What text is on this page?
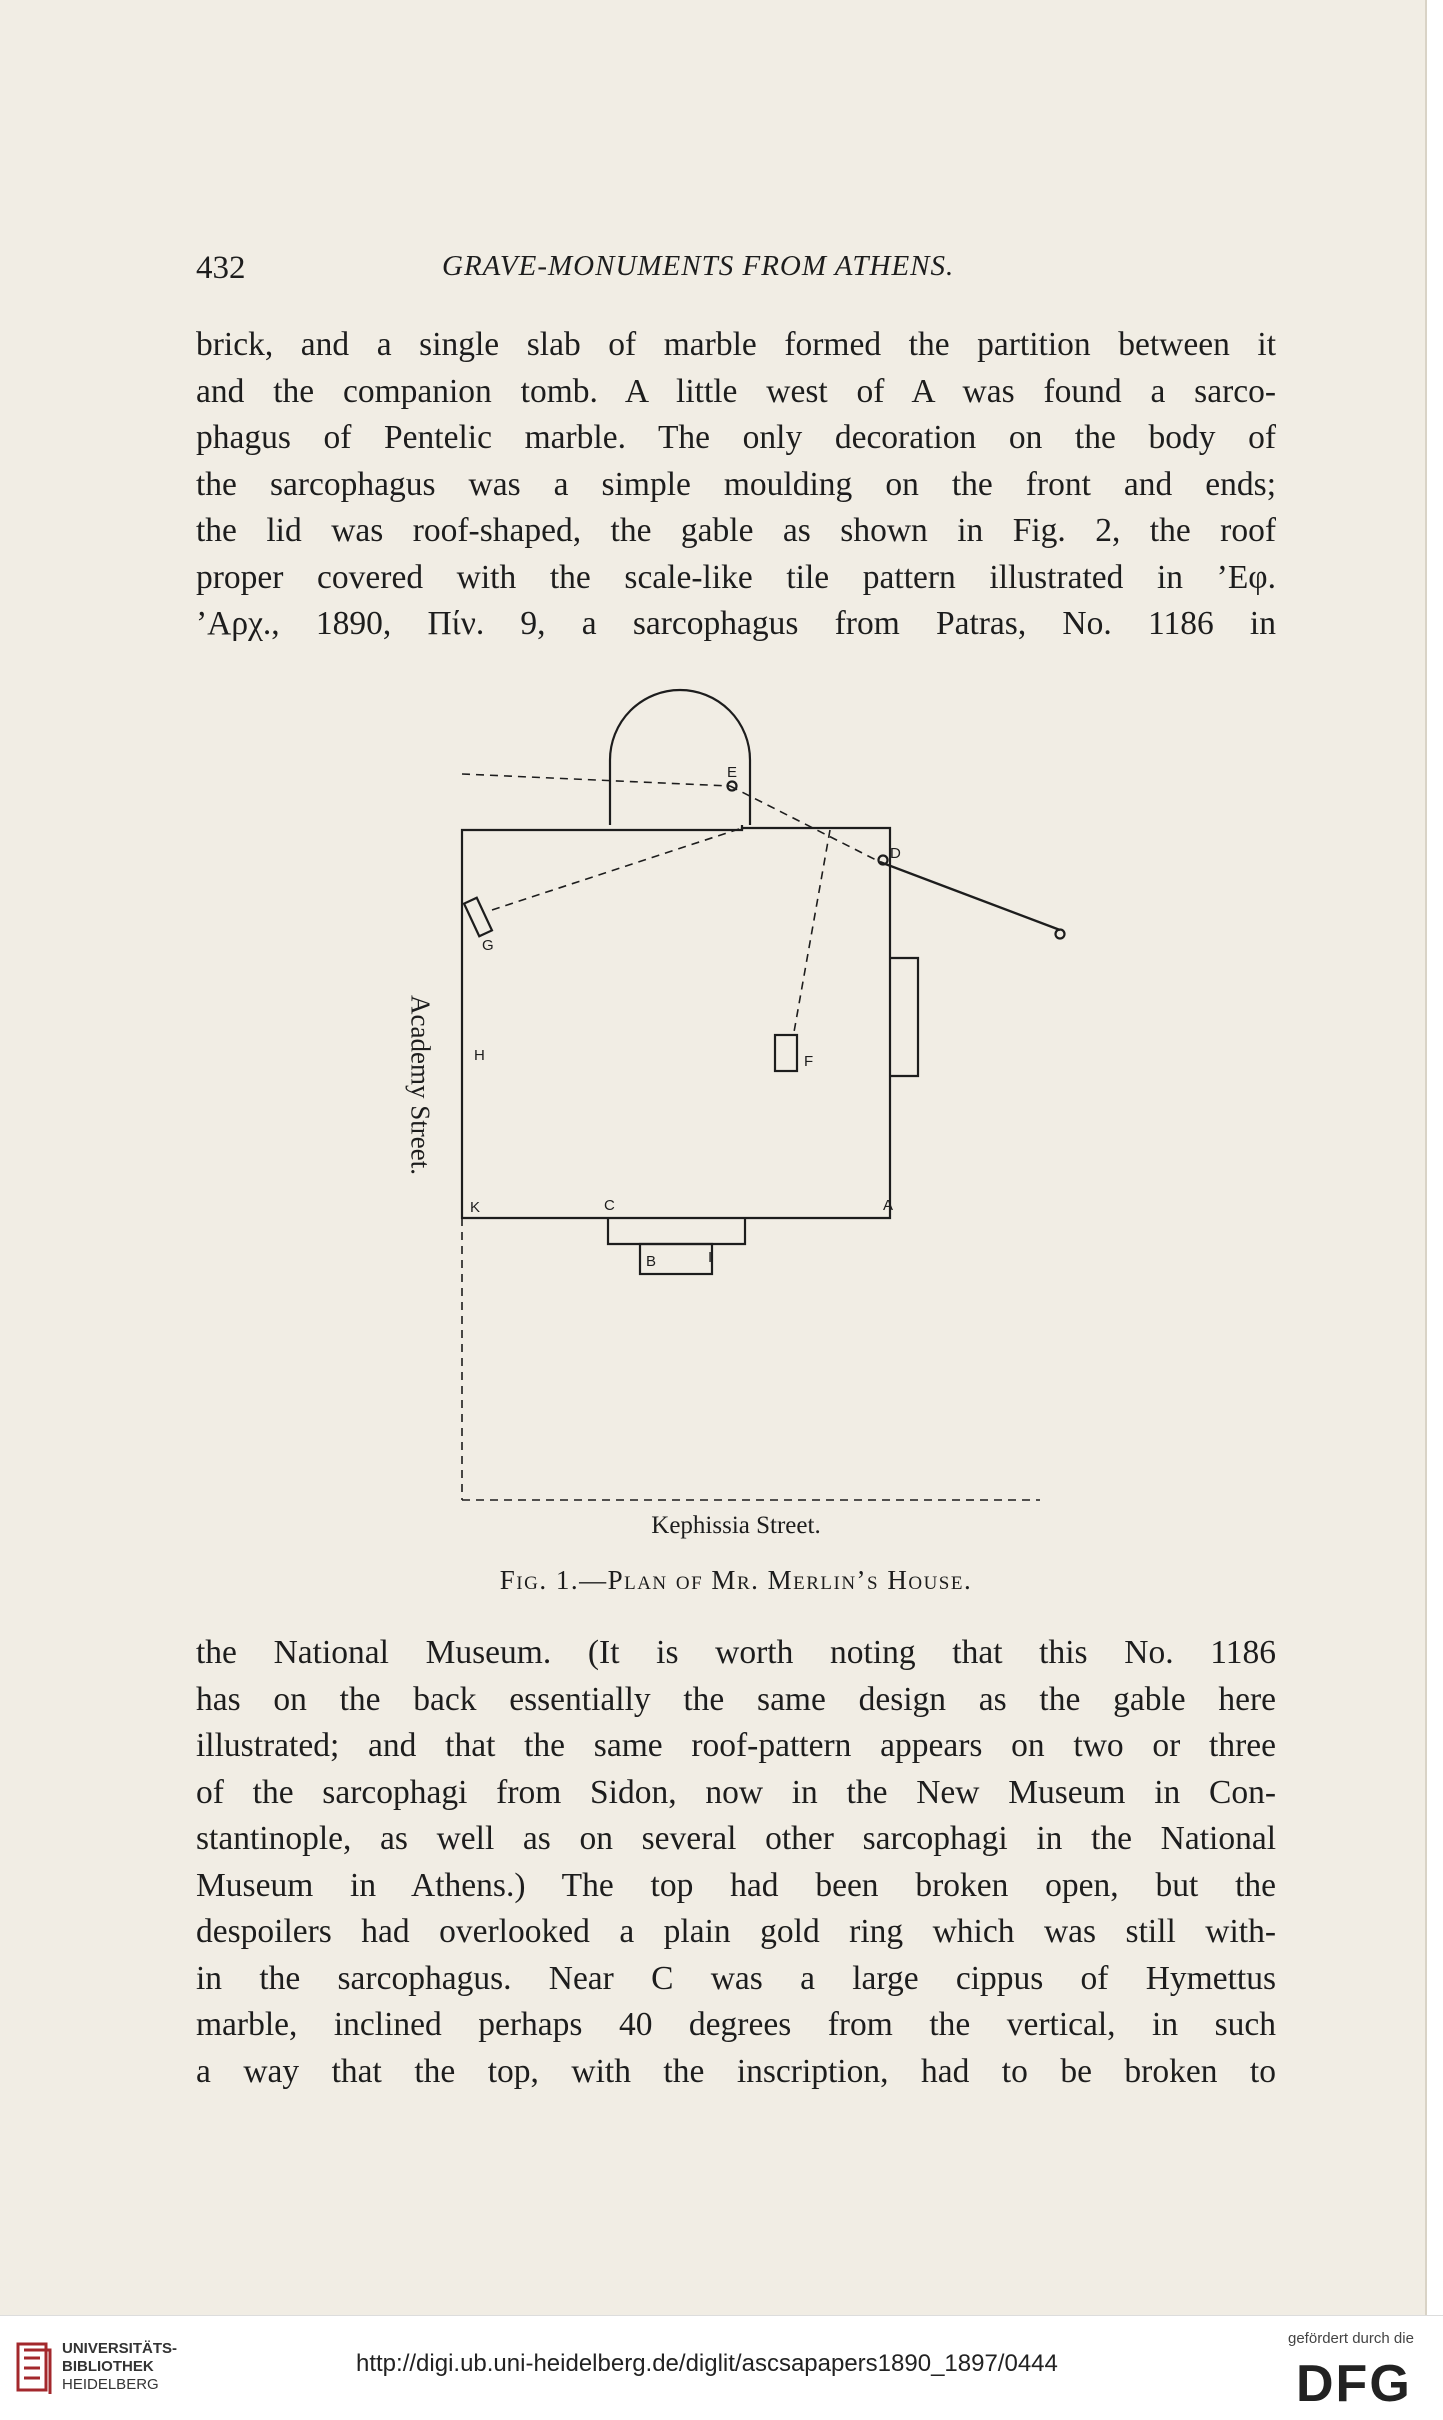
432	GRAVE-MONUMENTS FROM ATHENS.
brick, and a single slab of marble formed the partition between it
and the companion tomb. A little west of A was found a sarco-
phagus of Pentelic marble. The only decoration on the body of
the sarcophagus was a simple moulding on the front and ends;
the lid was roof-shaped, the gable as shown in Fig. 2, the roof
proper covered with the scale-like tile pattern illustrated in ’Εφ.
’Αρχ., 1890, Πίν. 9, a sarcophagus from Patras, No. 1186 in
A
B
C
D
E
F
G
H
K
I
Academy Street.
Kephissia Street.
Fig. 1.—Plan of Mr. Merlin’s House.
the National Museum. (It is worth noting that this No. 1186
has on the back essentially the same design as the gable here
illustrated; and that the same roof-pattern appears on two or three
of the sarcophagi from Sidon, now in the New Museum in Con-
stantinople, as well as on several other sarcophagi in the National
Museum in Athens.) The top had been broken open, but the
despoilers had overlooked a plain gold ring which was still with-
in the sarcophagus. Near C was a large cippus of Hymettus
marble, inclined perhaps 40 degrees from the vertical, in such
a way that the top, with the inscription, had to be broken to
UNIVERSITÄTS-
BIBLIOTHEK
HEIDELBERG
http://digi.ub.uni-heidelberg.de/diglit/ascsapapers1890_1897/0444
gefördert durch die
DFG
